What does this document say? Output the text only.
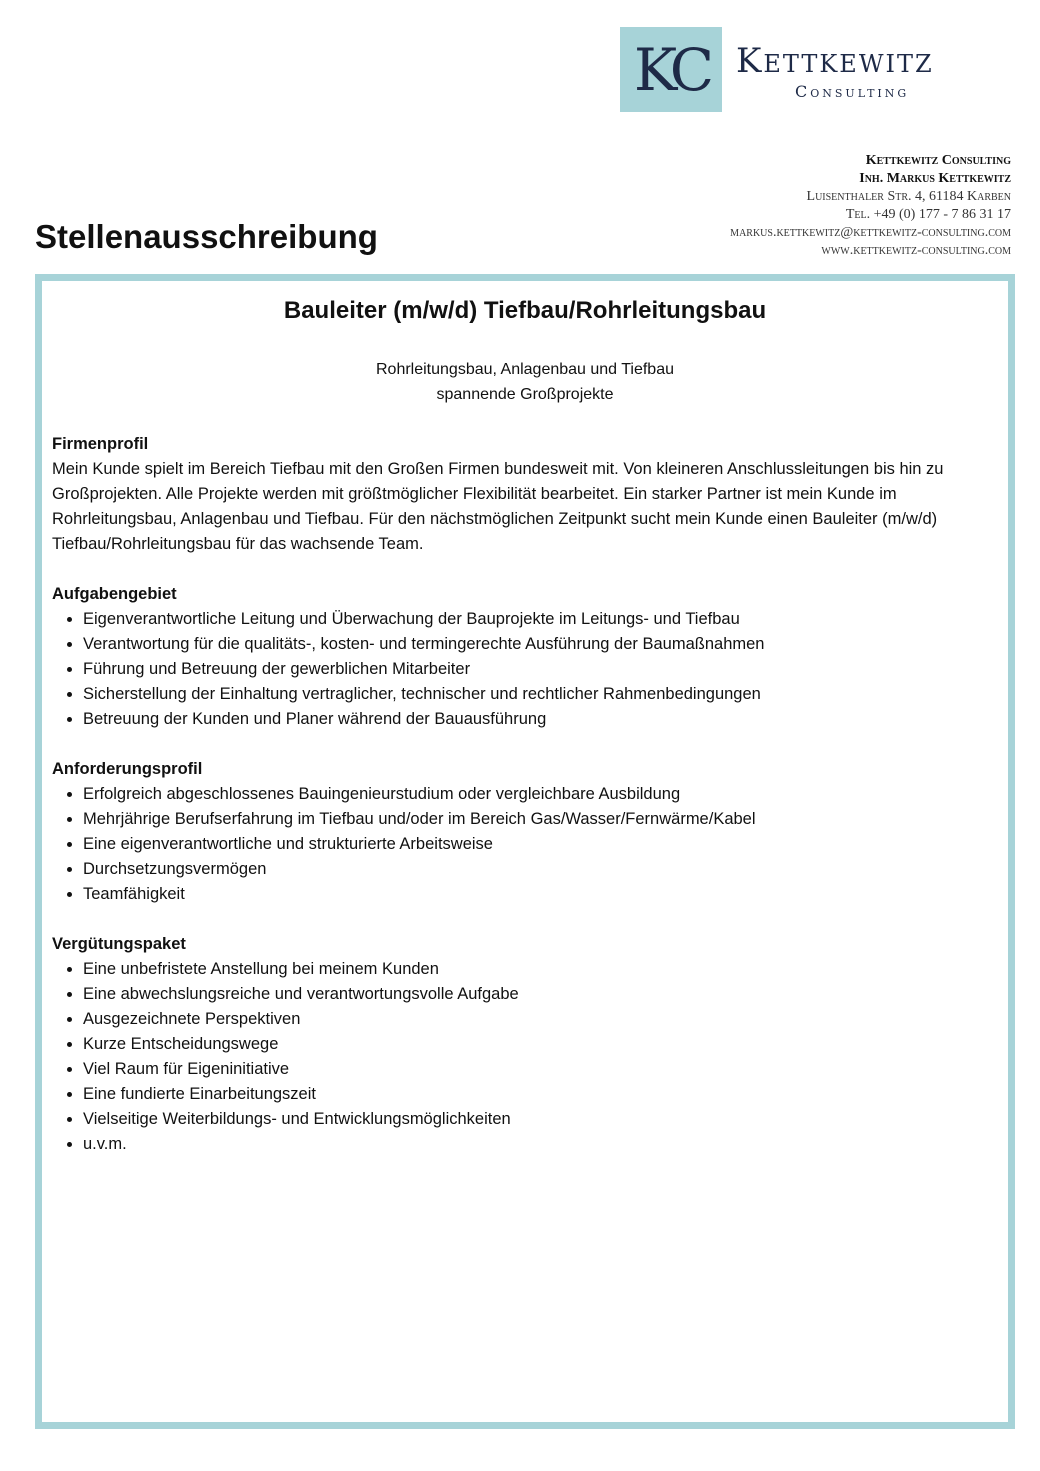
KC Kettkewitz
Consulting
Kettkewitz Consulting
Inh. Markus Kettkewitz
Luisenthaler Str. 4, 61184 Karben
Tel. +49 (0) 177 - 7 86 31 17
markus.kettkewitz@kettkewitz-consulting.com
www.kettkewitz-consulting.com
Stellenausschreibung
Bauleiter (m/w/d) Tiefbau/Rohrleitungsbau
Rohrleitungsbau, Anlagenbau und Tiefbau
spannende Großprojekte
Firmenprofil

Mein Kunde spielt im Bereich Tiefbau mit den Großen Firmen bundesweit mit. Von kleineren Anschlussleitungen bis hin zu Großprojekten. Alle Projekte werden mit größtmöglicher Flexibilität bearbeitet. Ein starker Partner ist mein Kunde im Rohrleitungsbau, Anlagenbau und Tiefbau. Für den nächstmöglichen Zeitpunkt sucht mein Kunde einen Bauleiter (m/w/d) Tiefbau/Rohrleitungsbau für das wachsende Team.

Aufgabengebiet
• Eigenverantwortliche Leitung und Überwachung der Bauprojekte im Leitungs- und Tiefbau
• Verantwortung für die qualitäts-, kosten- und termingerechte Ausführung der Baumaßnahmen
• Führung und Betreuung der gewerblichen Mitarbeiter
• Sicherstellung der Einhaltung vertraglicher, technischer und rechtlicher Rahmenbedingungen
• Betreuung der Kunden und Planer während der Bauausführung
Anforderungsprofil
• Erfolgreich abgeschlossenes Bauingenieurstudium oder vergleichbare Ausbildung
• Mehrjährige Berufserfahrung im Tiefbau und/oder im Bereich Gas/Wasser/Fernwärme/Kabel
• Eine eigenverantwortliche und strukturierte Arbeitsweise
• Durchsetzungsvermögen
• Teamfähigkeit
Vergütungspaket
• Eine unbefristete Anstellung bei meinem Kunden
• Eine abwechslungsreiche und verantwortungsvolle Aufgabe
• Ausgezeichnete Perspektiven
• Kurze Entscheidungswege
• Viel Raum für Eigeninitiative
• Eine fundierte Einarbeitungszeit
• Vielseitige Weiterbildungs- und Entwicklungsmöglichkeiten
• u.v.m.
